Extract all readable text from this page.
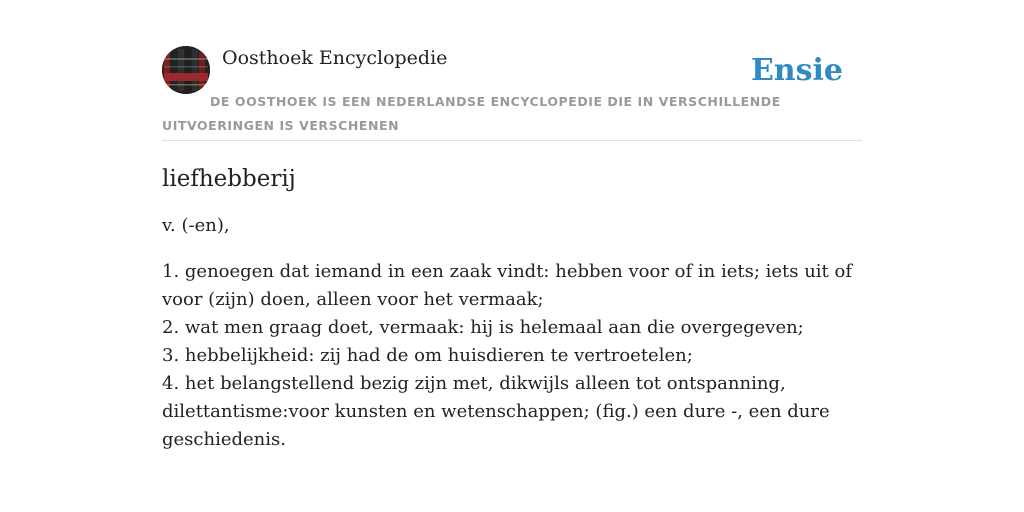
Oosthoek Encyclopedie	Ensie
DE OOSTHOEK IS EEN NEDERLANDSE ENCYCLOPEDIE DIE IN VERSCHILLENDE UITVOERINGEN IS VERSCHENEN
liefhebberij

v. (-en),

1. genoegen dat iemand in een zaak vindt: hebben voor of in iets; iets uit of voor (zijn) doen, alleen voor het vermaak;
2. wat men graag doet, vermaak: hij is helemaal aan die overgegeven;
3. hebbelijkheid: zij had de om huisdieren te vertroetelen;
4. het belangstellend bezig zijn met, dikwijls alleen tot ontspanning, dilettantisme:voor kunsten en wetenschappen; (fig.) een dure -, een dure geschiedenis.
